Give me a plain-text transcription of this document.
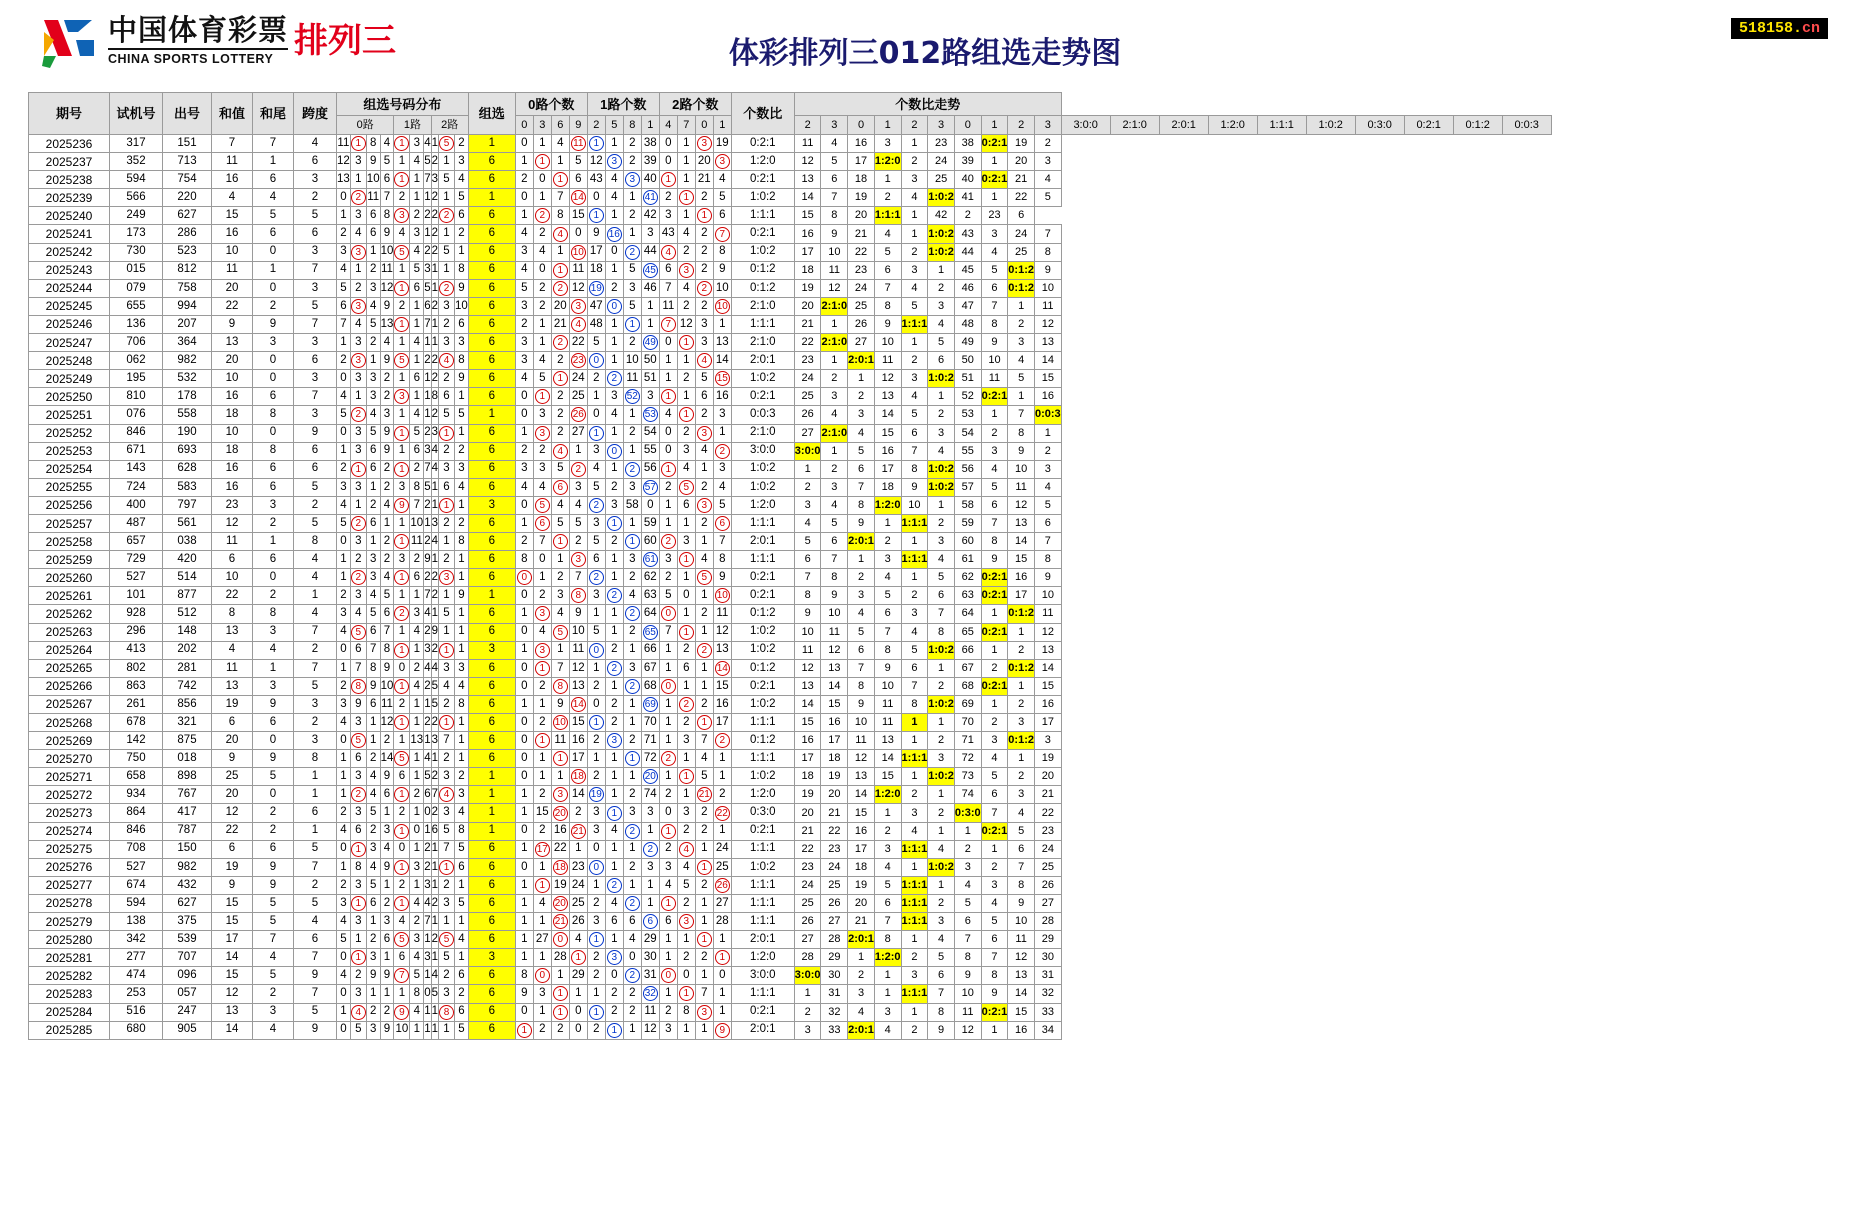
中国体育彩票
CHINA SPORTS LOTTERY 排列三	体彩排列三012路组选走势图
518158.cn
期号	试机号	出号	和值	和尾	跨度	组选号码分布										组选	0路个数				1路个数				2路个数				个数比	个数比走势																			
						0路				1路			2路				0	3	6	9	2	5	8	1	4	7	0	1		2	3	0	1	2	3	0	1	2	3	3:0:0	2:1:0	2:0:1	1:2:0	1:1:1	1:0:2	0:3:0	0:2:1	0:1:2	0:0:3
2025236	317	151	7	7	4	11	1	8	4	1	3	4	1	5	2	1	0	1	4	11	1	1	2	38	0	1	3	19	0:2:1	11	4	16	3	1	23	38	0:2:1	19	2										
2025237	352	713	11	1	6	12	3	9	5	1	4	5	2	1	3	6	1	1	1	5	12	3	2	39	0	1	20	3	1:2:0	12	5	17	1:2:0	2	24	39	1	20	3										
2025238	594	754	16	6	3	13	1	10	6	1	1	7	3	5	4	6	2	0	1	6	43	4	3	40	1	1	21	4	0:2:1	13	6	18	1	3	25	40	0:2:1	21	4										
2025239	566	220	4	4	2	0	2	11	7	2	1	1	2	1	5	1	0	1	7	14	0	4	1	41	2	1	2	5	1:0:2	14	7	19	2	4	1:0:2	41	1	22	5										
2025240	249	627	15	5	5	1	3	6	8	3	2	2	2	2	6	6	1	2	8	15	1	1	2	42	3	1	1	6	1:1:1	15	8	20	1:1:1	1	42	2	23	6											
2025241	173	286	16	6	6	2	4	6	9	4	3	1	2	1	2	6	4	2	4	0	9	16	1	3	43	4	2	7	0:2:1	16	9	21	4	1	1:0:2	43	3	24	7										
2025242	730	523	10	0	3	3	3	1	10	5	4	2	2	5	1	6	3	4	1	10	17	0	2	44	4	2	2	8	1:0:2	17	10	22	5	2	1:0:2	44	4	25	8										
2025243	015	812	11	1	7	4	1	2	11	1	5	3	1	1	8	6	4	0	1	11	18	1	5	45	6	3	2	9	0:1:2	18	11	23	6	3	1	45	5	0:1:2	9										
2025244	079	758	20	0	3	5	2	3	12	1	6	5	1	2	9	6	5	2	2	12	19	2	3	46	7	4	2	10	0:1:2	19	12	24	7	4	2	46	6	0:1:2	10										
2025245	655	994	22	2	5	6	3	4	9	2	1	6	2	3	10	6	3	2	20	3	47	0	5	1	11	2	2	10	2:1:0	20	2:1:0	25	8	5	3	47	7	1	11										
2025246	136	207	9	9	7	7	4	5	13	1	1	7	1	2	6	6	2	1	21	4	48	1	1	1	7	12	3	1	1:1:1	21	1	26	9	1:1:1	4	48	8	2	12										
2025247	706	364	13	3	3	1	3	2	4	1	4	1	1	3	3	6	3	1	2	22	5	1	2	49	0	1	3	13	2:1:0	22	2:1:0	27	10	1	5	49	9	3	13										
2025248	062	982	20	0	6	2	3	1	9	5	1	2	2	4	8	6	3	4	2	23	0	1	10	50	1	1	4	14	2:0:1	23	1	2:0:1	11	2	6	50	10	4	14										
2025249	195	532	10	0	3	0	3	3	2	1	6	1	2	2	9	6	4	5	1	24	2	2	11	51	1	2	5	15	1:0:2	24	2	1	12	3	1:0:2	51	11	5	15										
2025250	810	178	16	6	7	4	1	3	2	3	1	1	8	6	1	6	0	1	2	25	1	3	52	3	1	1	6	16	0:2:1	25	3	2	13	4	1	52	0:2:1	1	16										
2025251	076	558	18	8	3	5	2	4	3	1	4	1	2	5	5	1	0	3	2	26	0	4	1	53	4	1	2	3	0:0:3	26	4	3	14	5	2	53	1	7	0:0:3										
2025252	846	190	10	0	9	0	3	5	9	1	5	2	3	1	1	6	1	3	2	27	1	1	2	54	0	2	3	1	2:1:0	27	2:1:0	4	15	6	3	54	2	8	1										
2025253	671	693	18	8	6	1	3	6	9	1	6	3	4	2	2	6	2	2	4	1	3	0	1	55	0	3	4	2	3:0:0	3:0:0	1	5	16	7	4	55	3	9	2										
2025254	143	628	16	6	6	2	1	6	2	1	2	7	4	3	3	6	3	3	5	2	4	1	2	56	1	4	1	3	1:0:2	1	2	6	17	8	1:0:2	56	4	10	3										
2025255	724	583	16	6	5	3	3	1	2	3	8	5	1	6	4	6	4	4	6	3	5	2	3	57	2	5	2	4	1:0:2	2	3	7	18	9	1:0:2	57	5	11	4										
2025256	400	797	23	3	2	4	1	2	4	9	7	2	1	1	1	3	0	5	4	4	2	3	58	0	1	6	3	5	1:2:0	3	4	8	1:2:0	10	1	58	6	12	5										
2025257	487	561	12	2	5	5	2	6	1	1	10	1	3	2	2	6	1	6	5	5	3	1	1	59	1	1	2	6	1:1:1	4	5	9	1	1:1:1	2	59	7	13	6										
2025258	657	038	11	1	8	0	3	1	2	1	11	2	4	1	8	6	2	7	1	2	5	2	1	60	2	3	1	7	2:0:1	5	6	2:0:1	2	1	3	60	8	14	7										
2025259	729	420	6	6	4	1	2	3	2	3	2	9	1	2	1	6	8	0	1	3	6	1	3	61	3	1	4	8	1:1:1	6	7	1	3	1:1:1	4	61	9	15	8										
2025260	527	514	10	0	4	1	2	3	4	1	6	2	2	3	1	6	0	1	2	7	2	1	2	62	2	1	5	9	0:2:1	7	8	2	4	1	5	62	0:2:1	16	9										
2025261	101	877	22	2	1	2	3	4	5	1	1	7	2	1	9	1	0	2	3	8	3	2	4	63	5	0	1	10	0:2:1	8	9	3	5	2	6	63	0:2:1	17	10										
2025262	928	512	8	8	4	3	4	5	6	2	3	4	1	5	1	6	1	3	4	9	1	1	2	64	0	1	2	11	0:1:2	9	10	4	6	3	7	64	1	0:1:2	11										
2025263	296	148	13	3	7	4	5	6	7	1	4	2	9	1	1	6	0	4	5	10	5	1	2	65	7	1	1	12	1:0:2	10	11	5	7	4	8	65	0:2:1	1	12										
2025264	413	202	4	4	2	0	6	7	8	1	1	3	2	1	1	3	1	3	1	11	0	2	1	66	1	2	2	13	1:0:2	11	12	6	8	5	1:0:2	66	1	2	13										
2025265	802	281	11	1	7	1	7	8	9	0	2	4	4	3	3	6	0	1	7	12	1	2	3	67	1	6	1	14	0:1:2	12	13	7	9	6	1	67	2	0:1:2	14										
2025266	863	742	13	3	5	2	8	9	10	1	4	2	5	4	4	6	0	2	8	13	2	1	2	68	0	1	1	15	0:2:1	13	14	8	10	7	2	68	0:2:1	1	15										
2025267	261	856	19	9	3	3	9	6	11	2	1	1	5	2	8	6	1	1	9	14	0	2	1	69	1	2	2	16	1:0:2	14	15	9	11	8	1:0:2	69	1	2	16										
2025268	678	321	6	6	2	4	3	1	12	1	1	2	2	1	1	6	0	2	10	15	1	2	1	70	1	2	1	17	1:1:1	15	16	10	11	1	1	70	2	3	17										
2025269	142	875	20	0	3	0	5	1	2	1	13	1	3	7	1	6	0	1	11	16	2	3	2	71	1	3	7	2	0:1:2	16	17	11	13	1	2	71	3	0:1:2	3										
2025270	750	018	9	9	8	1	6	2	14	5	1	4	1	2	1	6	0	1	1	17	1	1	1	72	2	1	4	1	1:1:1	17	18	12	14	1:1:1	3	72	4	1	19										
2025271	658	898	25	5	1	1	3	4	9	6	1	5	2	3	2	1	0	1	1	18	2	1	1	20	1	1	5	1	1:0:2	18	19	13	15	1	1:0:2	73	5	2	20										
2025272	934	767	20	0	1	1	2	4	6	1	2	6	7	4	3	1	1	2	3	14	19	1	2	74	2	1	21	2	1:2:0	19	20	14	1:2:0	2	1	74	6	3	21										
2025273	864	417	12	2	6	2	3	5	1	2	1	0	2	3	4	1	1	15	20	2	3	1	3	3	0	3	2	22	0:3:0	20	21	15	1	3	2	0:3:0	7	4	22										
2025274	846	787	22	2	1	4	6	2	3	1	0	1	6	5	8	1	0	2	16	21	3	4	2	1	1	2	2	1	0:2:1	21	22	16	2	4	1	1	0:2:1	5	23										
2025275	708	150	6	6	5	0	1	3	4	0	1	2	1	7	5	6	1	17	22	1	0	1	1	2	2	4	1	24	1:1:1	22	23	17	3	1:1:1	4	2	1	6	24										
2025276	527	982	19	9	7	1	8	4	9	1	3	2	1	1	6	6	0	1	18	23	0	1	2	3	3	4	1	25	1:0:2	23	24	18	4	1	1:0:2	3	2	7	25										
2025277	674	432	9	9	2	2	3	5	1	2	1	3	1	2	1	6	1	1	19	24	1	2	1	1	4	5	2	26	1:1:1	24	25	19	5	1:1:1	1	4	3	8	26										
2025278	594	627	15	5	5	3	1	6	2	1	4	4	2	3	5	6	1	4	20	25	2	4	2	1	1	2	1	27	1:1:1	25	26	20	6	1:1:1	2	5	4	9	27										
2025279	138	375	15	5	4	4	3	1	3	4	2	7	1	1	1	6	1	1	21	26	3	6	6	6	6	3	1	28	1:1:1	26	27	21	7	1:1:1	3	6	5	10	28										
2025280	342	539	17	7	6	5	1	2	6	5	3	1	2	5	4	6	1	27	0	4	1	1	4	29	1	1	1	1	2:0:1	27	28	2:0:1	8	1	4	7	6	11	29										
2025281	277	707	14	4	7	0	1	3	1	6	4	3	1	5	1	3	1	1	28	1	2	3	0	30	1	2	2	1	1:2:0	28	29	1	1:2:0	2	5	8	7	12	30										
2025282	474	096	15	5	9	4	2	9	9	7	5	1	4	2	6	6	8	0	1	29	2	0	2	31	0	0	1	0	3:0:0	3:0:0	30	2	1	3	6	9	8	13	31										
2025283	253	057	12	2	7	0	3	1	1	1	8	0	5	3	2	6	9	3	1	1	1	2	2	32	1	1	7	1	1:1:1	1	31	3	1	1:1:1	7	10	9	14	32										
2025284	516	247	13	3	5	1	4	2	2	9	4	1	1	8	6	6	0	1	1	0	1	2	2	11	2	8	3	1	0:2:1	2	32	4	3	1	8	11	0:2:1	15	33										
2025285	680	905	14	4	9	0	5	3	9	10	1	1	1	1	5	6	1	2	2	0	2	1	1	12	3	1	1	9	2:0:1	3	33	2:0:1	4	2	9	12	1	16	34										
